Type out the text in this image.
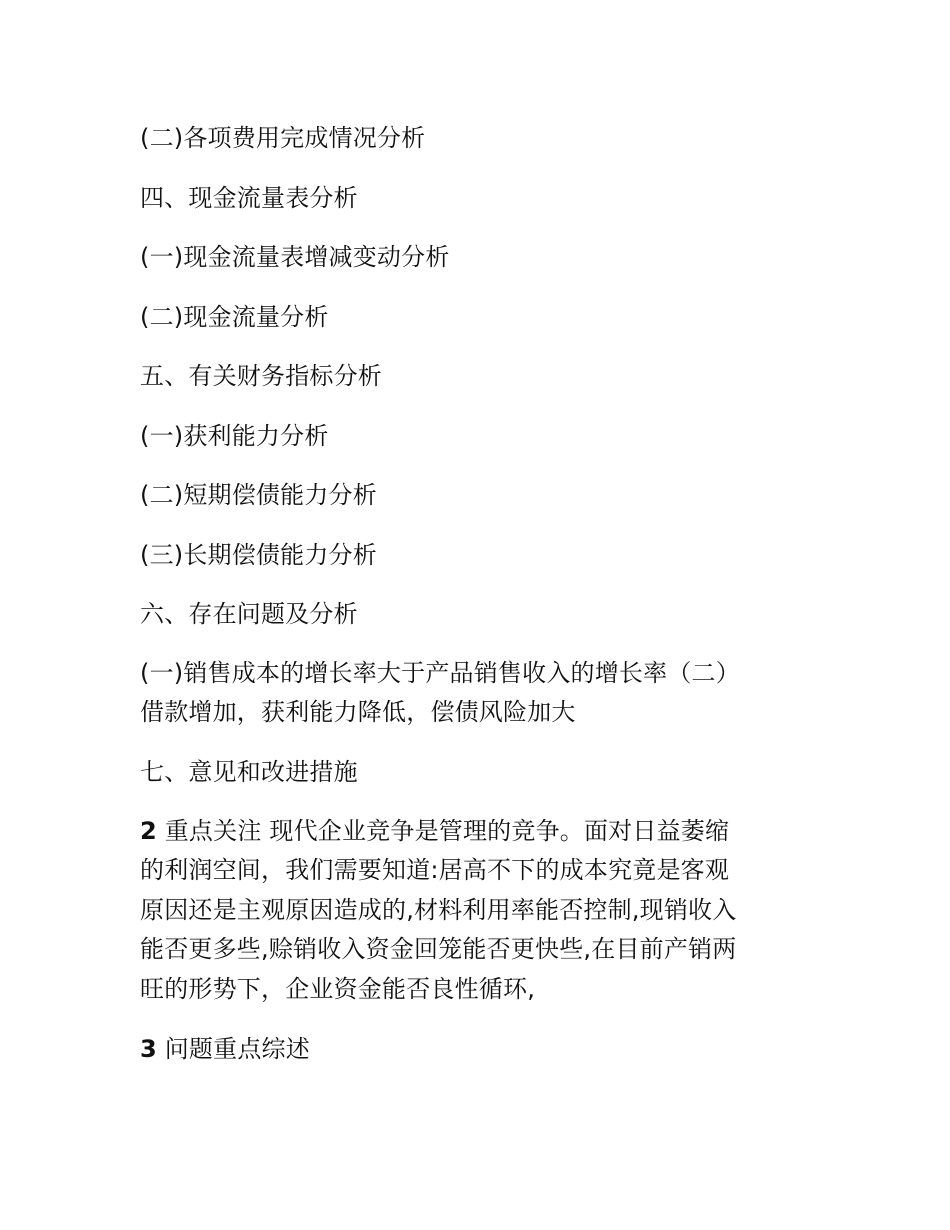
(二)各项费用完成情况分析
四、现金流量表分析
(一)现金流量表增减变动分析
(二)现金流量分析
五、有关财务指标分析
(一)获利能力分析
(二)短期偿债能力分析
(三)长期偿债能力分析
六、存在问题及分析
(一)销售成本的增长率大于产品销售收入的增长率（二）
借款增加，获利能力降低，偿债风险加大
七、意见和改进措施
2 重点关注 现代企业竞争是管理的竞争。面对日益萎缩
的利润空间，我们需要知道:居高不下的成本究竟是客观
原因还是主观原因造成的,材料利用率能否控制,现销收入
能否更多些,赊销收入资金回笼能否更快些,在目前产销两
旺的形势下，企业资金能否良性循环,
3 问题重点综述
